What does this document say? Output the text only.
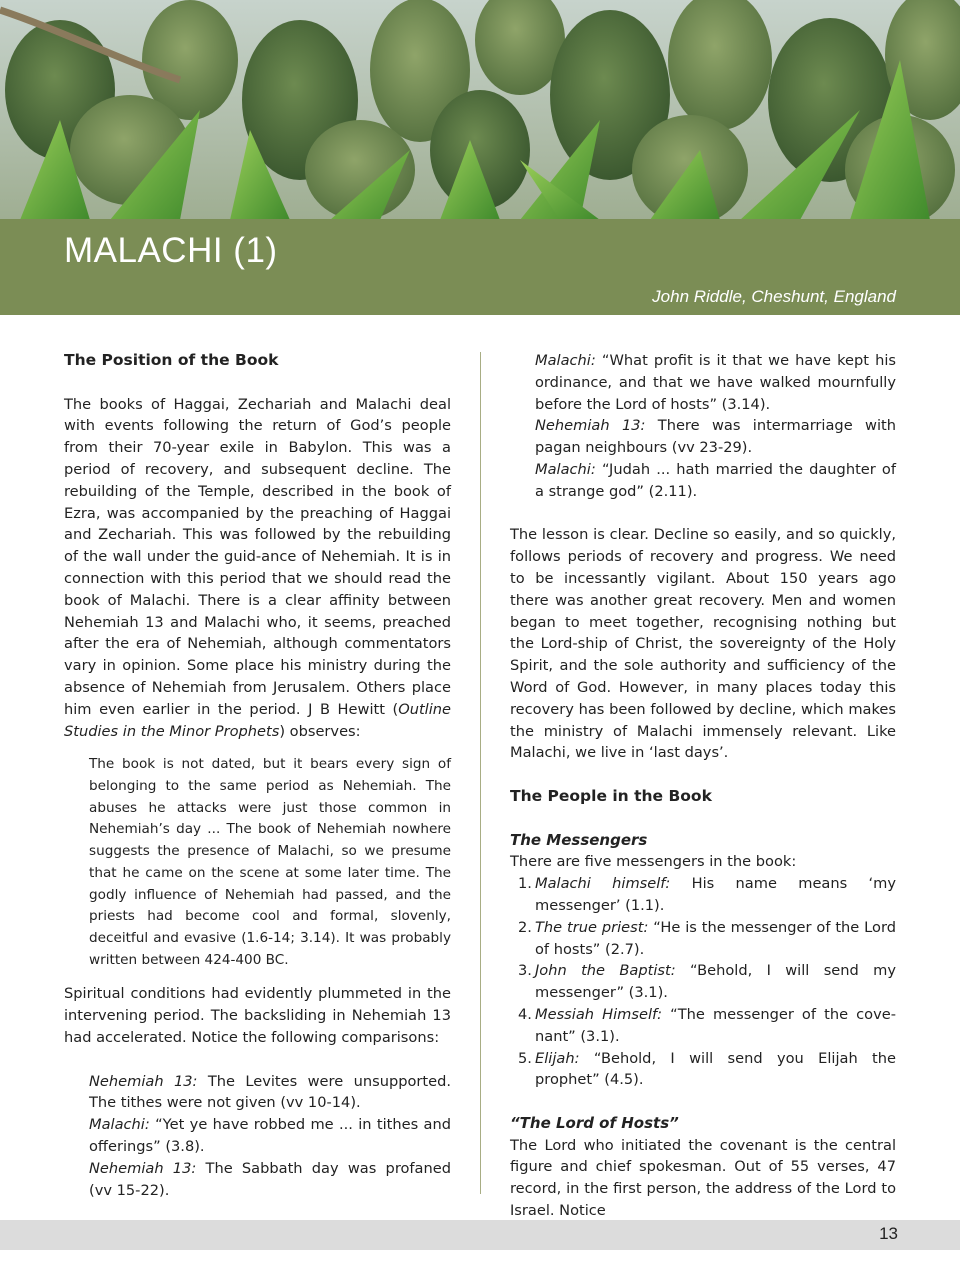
MALACHI (1)
John Riddle, Cheshunt, England
The Position of the Book

The books of Haggai, Zechariah and Malachi deal with events following the return of God’s people from their 70-year exile in Babylon. This was a period of recovery, and subsequent decline. The rebuilding of the Temple, described in the book of Ezra, was accompanied by the preaching of Haggai and Zechariah. This was followed by the rebuilding of the wall under the guid-ance of Nehemiah. It is in connection with this period that we should read the book of Malachi. There is a clear affinity between Nehemiah 13 and Malachi who, it seems, preached after the era of Nehemiah, although commentators vary in opinion. Some place his ministry during the absence of Nehemiah from Jerusalem. Others place him even earlier in the period. J B Hewitt (Outline Studies in the Minor Prophets) observes:

The book is not dated, but it bears every sign of belonging to the same period as Nehemiah. The abuses he attacks were just those common in Nehemiah’s day ... The book of Nehemiah nowhere suggests the presence of Malachi, so we presume that he came on the scene at some later time. The godly influence of Nehemiah had passed, and the priests had become cool and formal, slovenly, deceitful and evasive (1.6-14; 3.14). It was probably written between 424-400 BC.

Spiritual conditions had evidently plummeted in the intervening period. The backsliding in Nehemiah 13 had accelerated. Notice the following comparisons:

Nehemiah 13: The Levites were unsupported. The tithes were not given (vv 10-14).

Malachi: “Yet ye have robbed me ... in tithes and offerings” (3.8).

Nehemiah 13: The Sabbath day was profaned (vv 15-22).

Malachi: “What profit is it that we have kept his ordinance, and that we have walked mournfully before the Lord of hosts” (3.14).

Nehemiah 13: There was intermarriage with pagan neighbours (vv 23-29).

Malachi: “Judah ... hath married the daughter of a strange god” (2.11).

The lesson is clear. Decline so easily, and so quickly, follows periods of recovery and progress. We need to be incessantly vigilant. About 150 years ago there was another great recovery. Men and women began to meet together, recognising nothing but the Lord-ship of Christ, the sovereignty of the Holy Spirit, and the sole authority and sufficiency of the Word of God. However, in many places today this recovery has been followed by decline, which makes the ministry of Malachi immensely relevant. Like Malachi, we live in ‘last days’.

The People in the Book
The Messengers

There are five messengers in the book:

1. Malachi himself: His name means ‘my messenger’ (1.1).
2. The true priest: “He is the messenger of the Lord of hosts” (2.7).
3. John the Baptist: “Behold, I will send my messenger” (3.1).
4. Messiah Himself: “The messenger of the cove-nant” (3.1).
5. Elijah: “Behold, I will send you Elijah the prophet” (4.5).
“The Lord of Hosts”

The Lord who initiated the covenant is the central figure and chief spokesman. Out of 55 verses, 47 record, in the first person, the address of the Lord to Israel. Notice

13
